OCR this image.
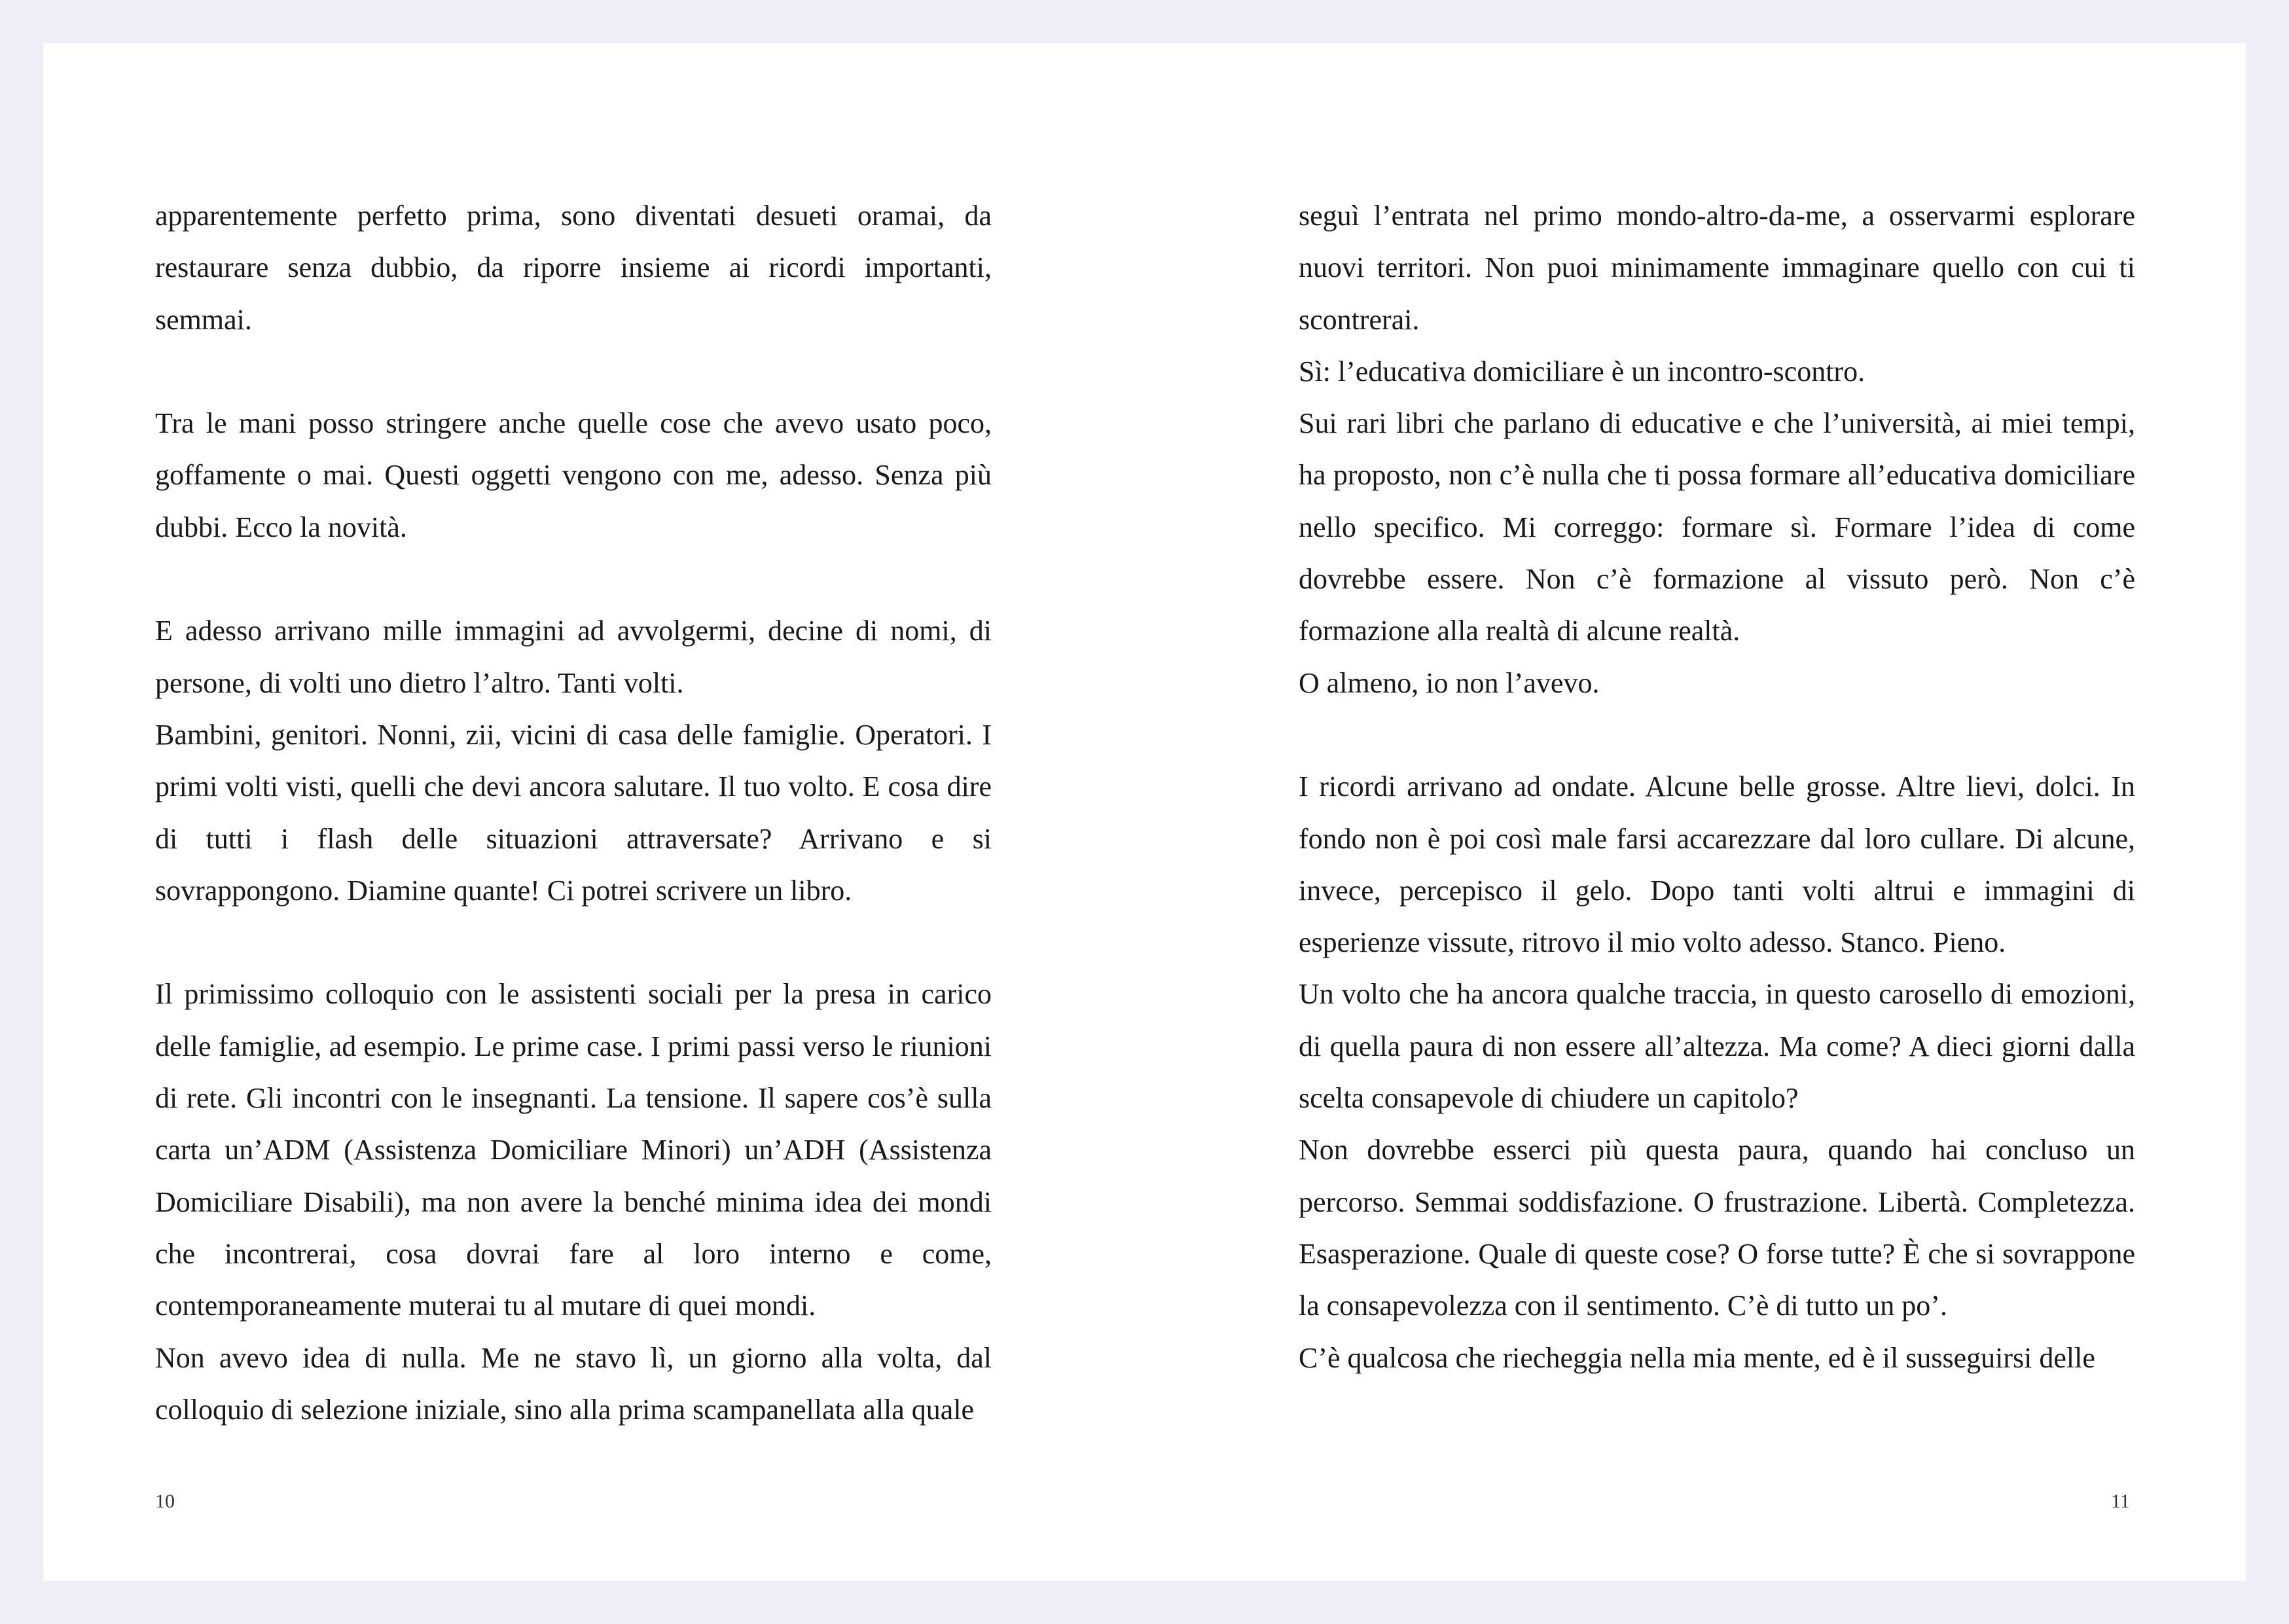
apparentemente perfetto prima, sono diventati desueti oramai, da restaurare senza dubbio, da riporre insieme ai ricordi importanti, semmai.

Tra le mani posso stringere anche quelle cose che avevo usato poco, goffamente o mai. Questi oggetti vengono con me, adesso. Senza più dubbi. Ecco la novità.

E adesso arrivano mille immagini ad avvolgermi, decine di nomi, di persone, di volti uno dietro l’altro. Tanti volti.

Bambini, genitori. Nonni, zii, vicini di casa delle famiglie. Operatori. I primi volti visti, quelli che devi ancora salutare. Il tuo volto. E cosa dire di tutti i flash delle situazioni attraversate? Arrivano e si sovrappongono. Diamine quante! Ci potrei scrivere un libro.

Il primissimo colloquio con le assistenti sociali per la presa in carico delle famiglie, ad esempio. Le prime case. I primi passi verso le riunioni di rete. Gli incontri con le insegnanti. La tensione. Il sapere cos’è sulla carta un’ADM (Assistenza Domiciliare Minori) un’ADH (Assistenza Domiciliare Disabili), ma non avere la benché minima idea dei mondi che incontrerai, cosa dovrai fare al loro interno e come, contemporaneamente muterai tu al mutare di quei mondi.

Non avevo idea di nulla. Me ne stavo lì, un giorno alla volta, dal colloquio di selezione iniziale, sino alla prima scampanellata alla quale

10

seguì l’entrata nel primo mondo-altro-da-me, a osservarmi esplorare nuovi territori. Non puoi minimamente immaginare quello con cui ti scontrerai.

Sì: l’educativa domiciliare è un incontro-scontro.

Sui rari libri che parlano di educative e che l’università, ai miei tempi, ha proposto, non c’è nulla che ti possa formare all’educativa domiciliare nello specifico. Mi correggo: formare sì. Formare l’idea di come dovrebbe essere. Non c’è formazione al vissuto però. Non c’è formazione alla realtà di alcune realtà.

O almeno, io non l’avevo.

I ricordi arrivano ad ondate. Alcune belle grosse. Altre lievi, dolci. In fondo non è poi così male farsi accarezzare dal loro cullare. Di alcune, invece, percepisco il gelo. Dopo tanti volti altrui e immagini di esperienze vissute, ritrovo il mio volto adesso. Stanco. Pieno.

Un volto che ha ancora qualche traccia, in questo carosello di emozioni, di quella paura di non essere all’altezza. Ma come? A dieci giorni dalla scelta consapevole di chiudere un capitolo?

Non dovrebbe esserci più questa paura, quando hai concluso un percorso. Semmai soddisfazione. O frustrazione. Libertà. Completezza. Esasperazione. Quale di queste cose? O forse tutte? È che si sovrappone la consapevolezza con il sentimento. C’è di tutto un po’.

C’è qualcosa che riecheggia nella mia mente, ed è il susseguirsi delle

11
